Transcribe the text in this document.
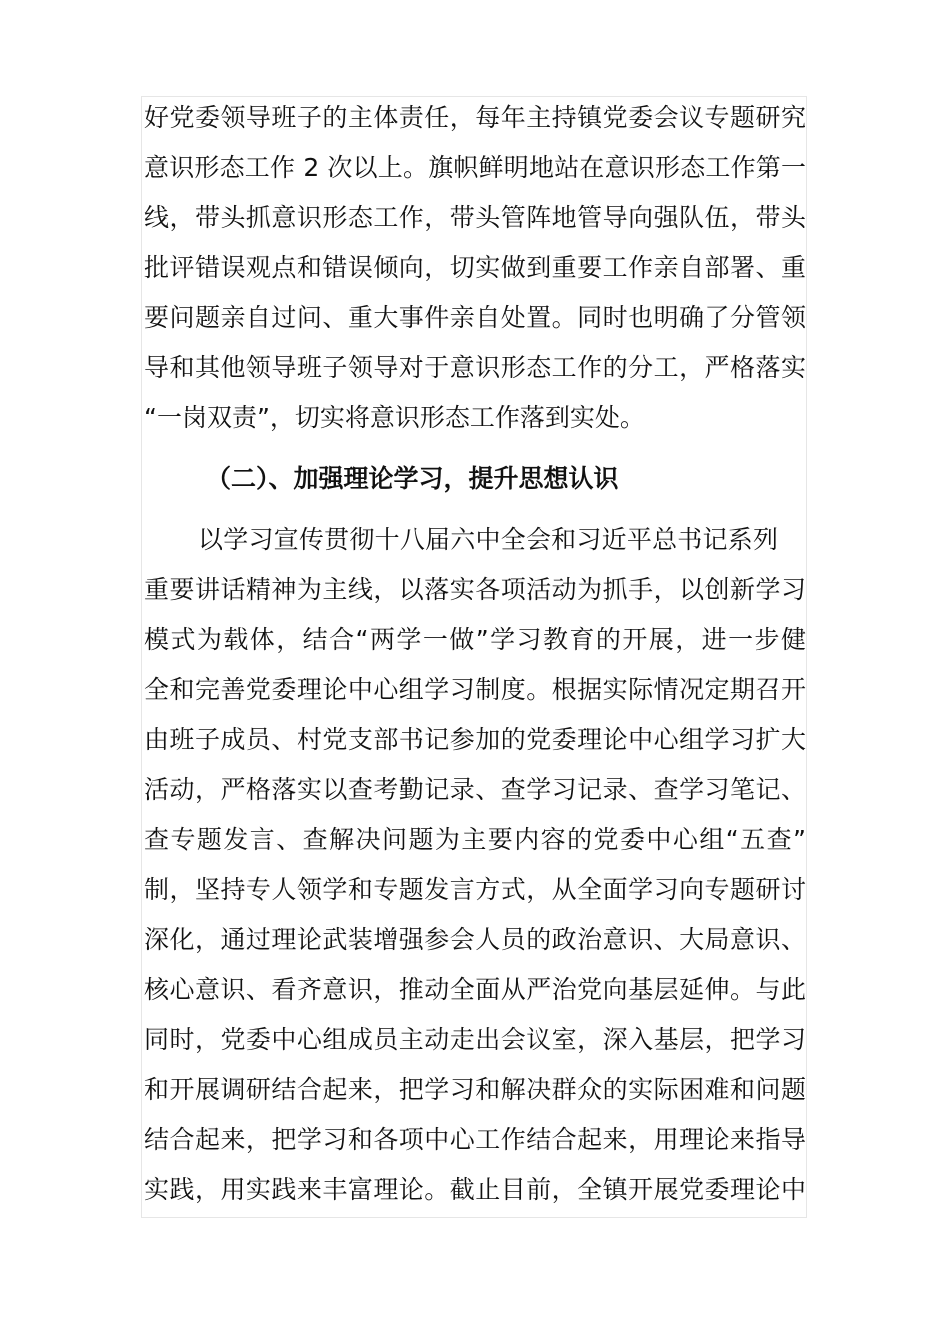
好党委领导班子的主体责任，每年主持镇党委会议专题研究
意识形态工作 2 次以上。旗帜鲜明地站在意识形态工作第一
线，带头抓意识形态工作，带头管阵地管导向强队伍，带头
批评错误观点和错误倾向，切实做到重要工作亲自部署、重
要问题亲自过问、重大事件亲自处置。同时也明确了分管领
导和其他领导班子领导对于意识形态工作的分工，严格落实
“一岗双责”，切实将意识形态工作落到实处。
（二）、加强理论学习，提升思想认识
以学习宣传贯彻十八届六中全会和习近平总书记系列
重要讲话精神为主线，以落实各项活动为抓手，以创新学习
模式为载体，结合“两学一做”学习教育的开展，进一步健
全和完善党委理论中心组学习制度。根据实际情况定期召开
由班子成员、村党支部书记参加的党委理论中心组学习扩大
活动，严格落实以查考勤记录、查学习记录、查学习笔记、
查专题发言、查解决问题为主要内容的党委中心组“五查”
制，坚持专人领学和专题发言方式，从全面学习向专题研讨
深化，通过理论武装增强参会人员的政治意识、大局意识、
核心意识、看齐意识，推动全面从严治党向基层延伸。与此
同时，党委中心组成员主动走出会议室，深入基层，把学习
和开展调研结合起来，把学习和解决群众的实际困难和问题
结合起来，把学习和各项中心工作结合起来，用理论来指导
实践，用实践来丰富理论。截止目前，全镇开展党委理论中
